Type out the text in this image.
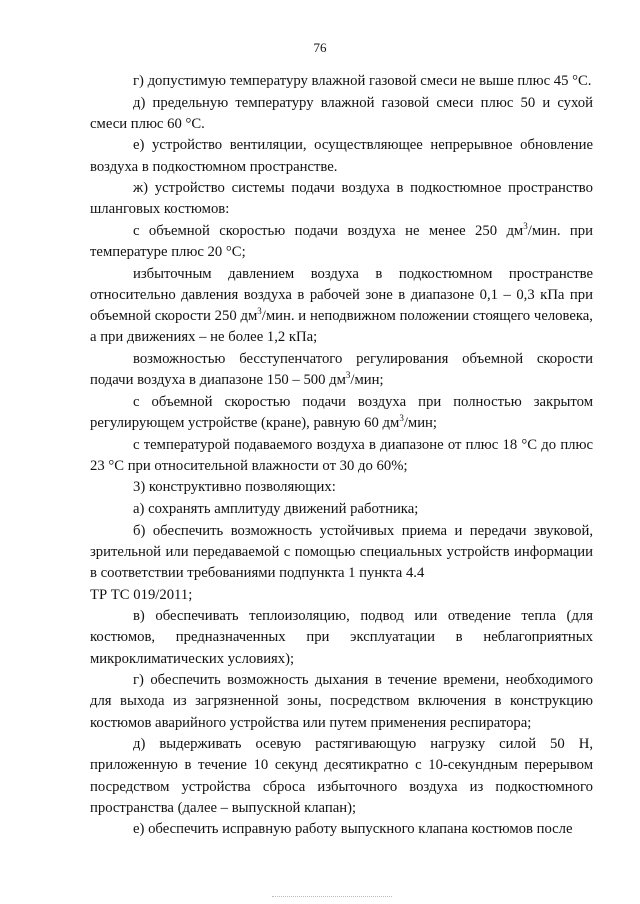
76

г) допустимую температуру влажной газовой смеси не выше плюс 45 °С.

д) предельную температуру влажной газовой смеси плюс 50 и сухой смеси плюс 60 °С.

е) устройство вентиляции, осуществляющее непрерывное обновление воздуха в подкостюмном пространстве.

ж) устройство системы подачи воздуха в подкостюмное пространство шланговых костюмов:

с объемной скоростью подачи воздуха не менее 250 $дм^3$/мин. при температуре плюс 20 °С;

избыточным давлением воздуха в подкостюмном пространстве относительно давления воздуха в рабочей зоне в диапазоне 0,1 – 0,3 кПа при объемной скорости 250 $дм^3$/мин. и неподвижном положении стоящего человека, а при движениях – не более 1,2 кПа;

возможностью бесступенчатого регулирования объемной скорости подачи воздуха в диапазоне 150 – 500 $дм^3$/мин;

с объемной скоростью подачи воздуха при полностью закрытом регулирующем устройстве (кране), равную 60 $дм^3$/мин;

с температурой подаваемого воздуха в диапазоне от плюс 18 °С до плюс 23 °С при относительной влажности от 30 до 60%;

3) конструктивно позволяющих:

а) сохранять амплитуду движений работника;

б) обеспечить возможность устойчивых приема и передачи звуковой, зрительной или передаваемой с помощью специальных устройств информации в соответствии требованиями подпункта 1 пункта 4.4

ТР ТС 019/2011;

в) обеспечивать теплоизоляцию, подвод или отведение тепла (для костюмов, предназначенных при эксплуатации в неблагоприятных микроклиматических условиях);

г) обеспечить возможность дыхания в течение времени, необходимого для выхода из загрязненной зоны, посредством включения в конструкцию костюмов аварийного устройства или путем применения респиратора;

д) выдерживать осевую растягивающую нагрузку силой 50 Н, приложенную в течение 10 секунд десятикратно с 10-секундным перерывом посредством устройства сброса избыточного воздуха из подкостюмного пространства (далее – выпускной клапан);

е) обеспечить исправную работу выпускного клапана костюмов после
